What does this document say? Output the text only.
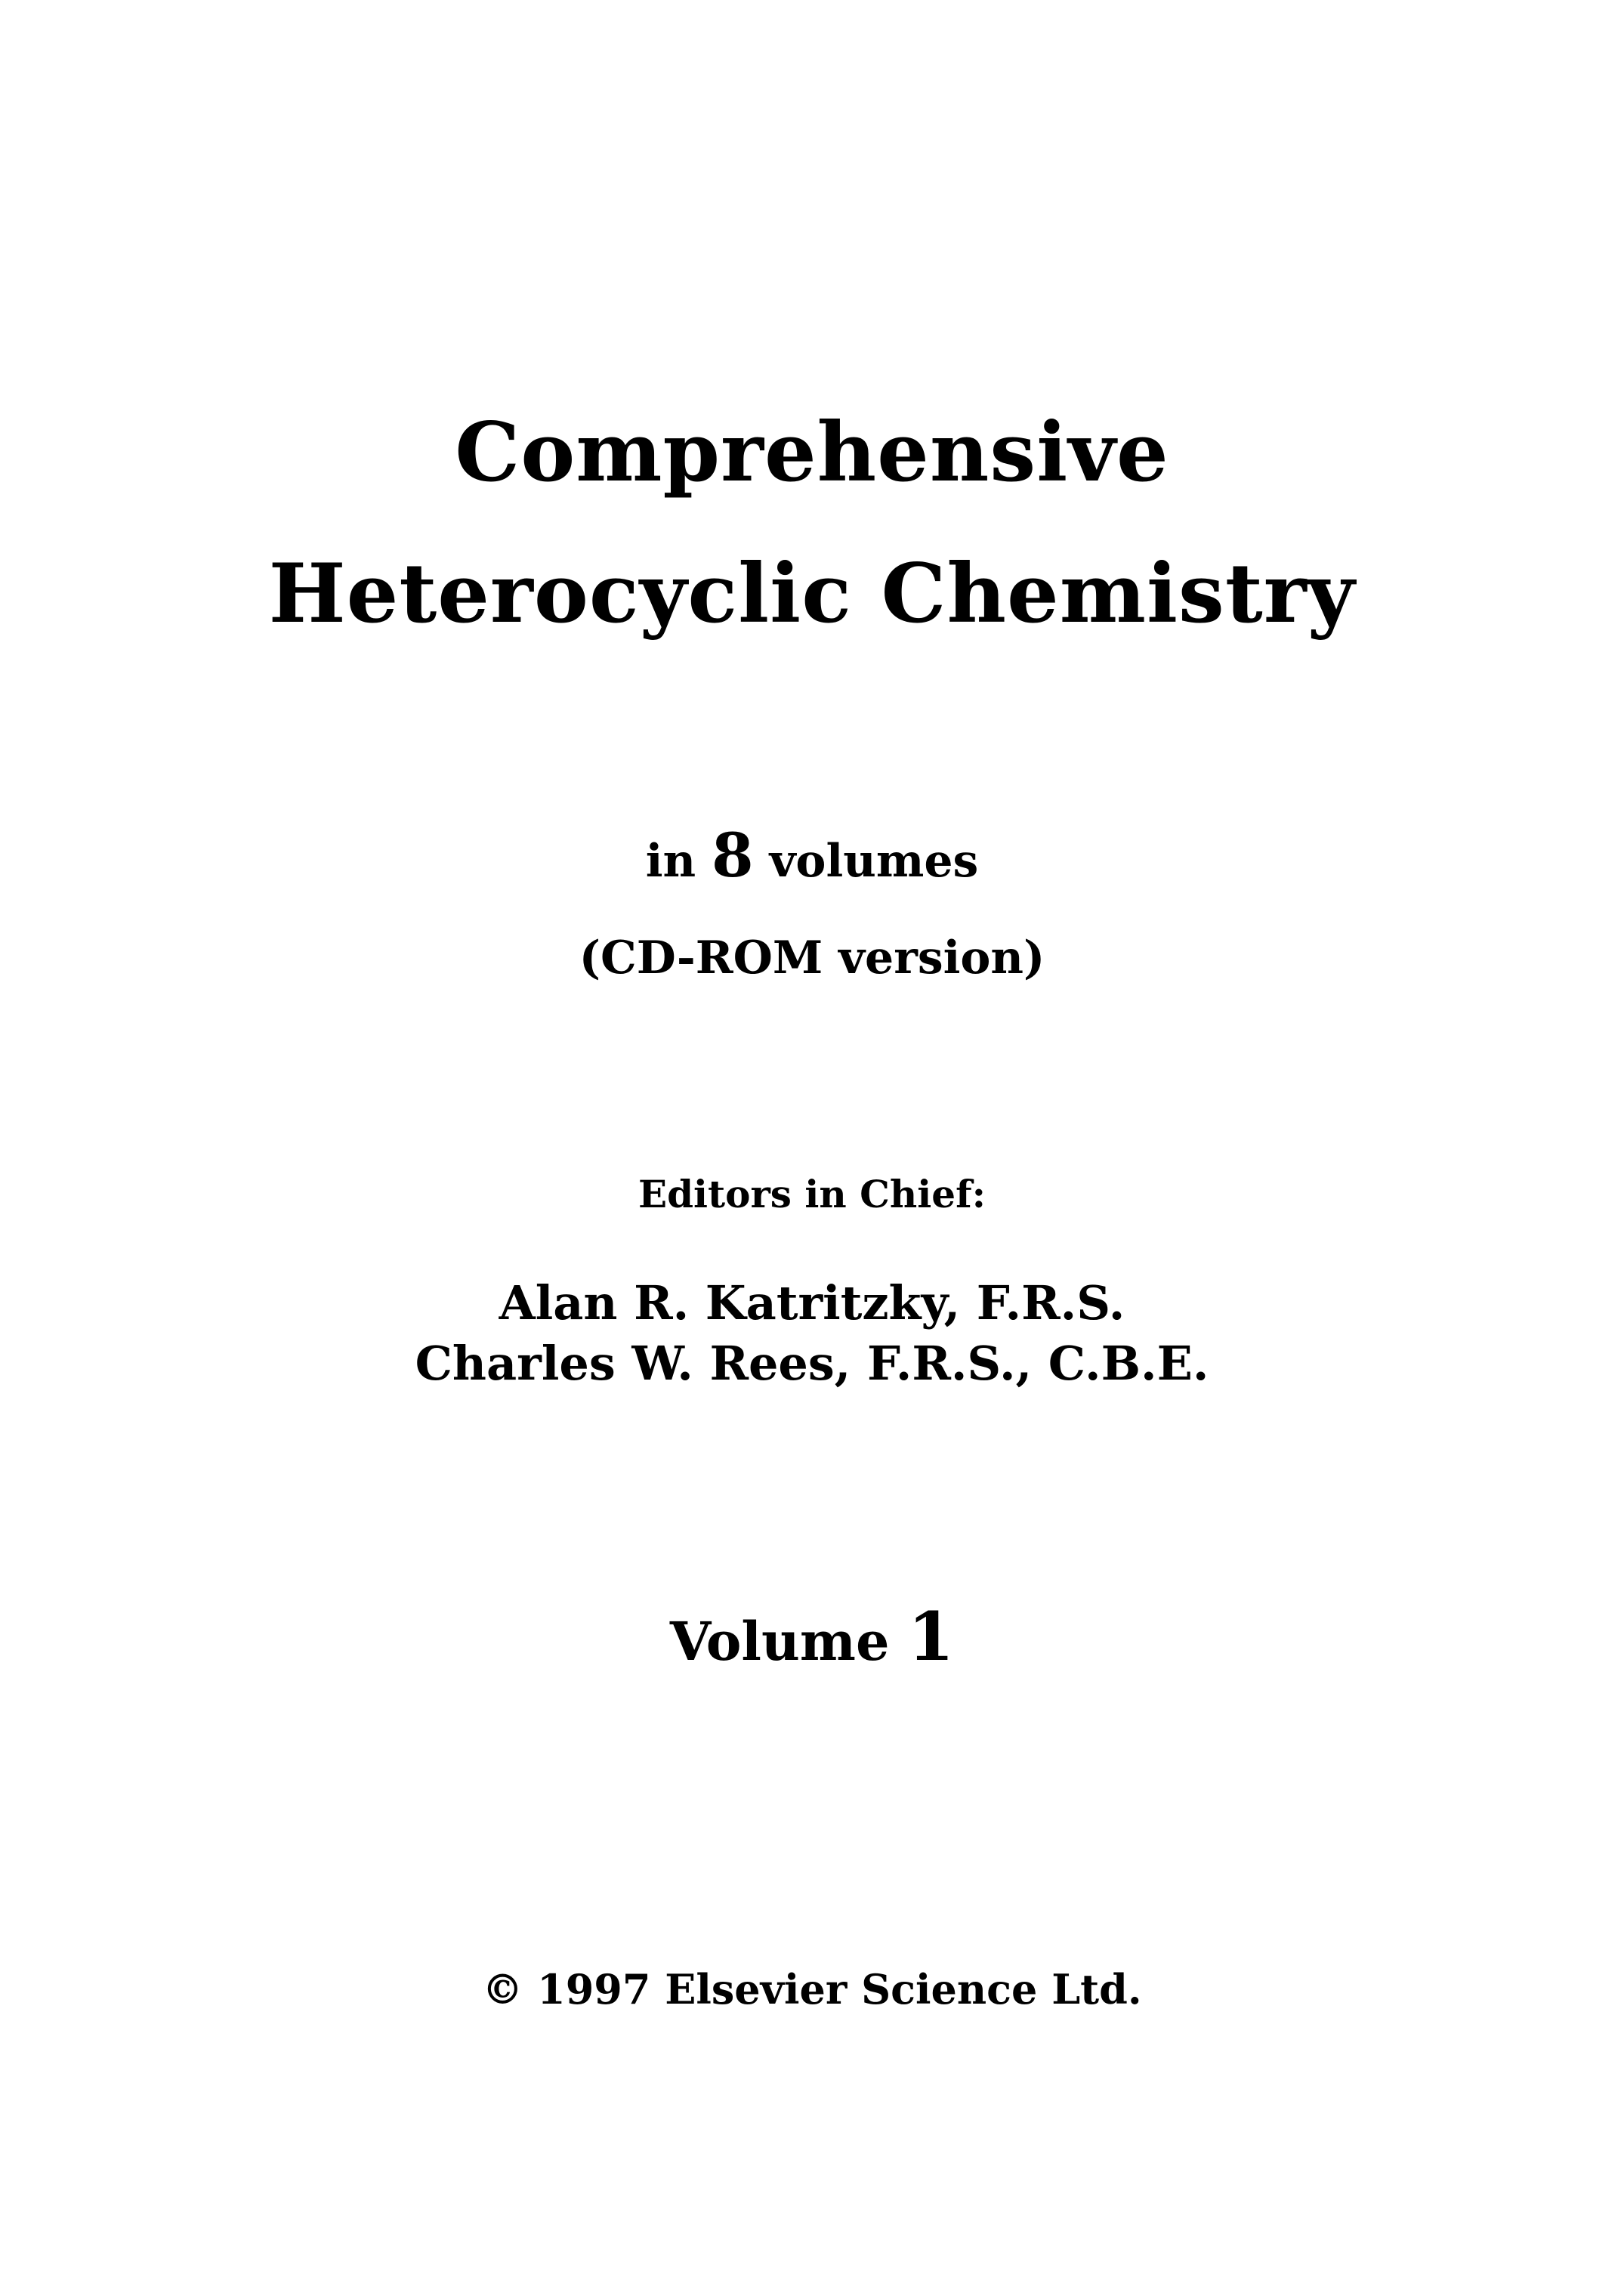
Comprehensive
Heterocyclic Chemistry
in 8 volumes
(CD-ROM version)
Editors in Chief:
Alan R. Katritzky, F.R.S.
Charles W. Rees, F.R.S., C.B.E.
Volume 1
© 1997 Elsevier Science Ltd.
